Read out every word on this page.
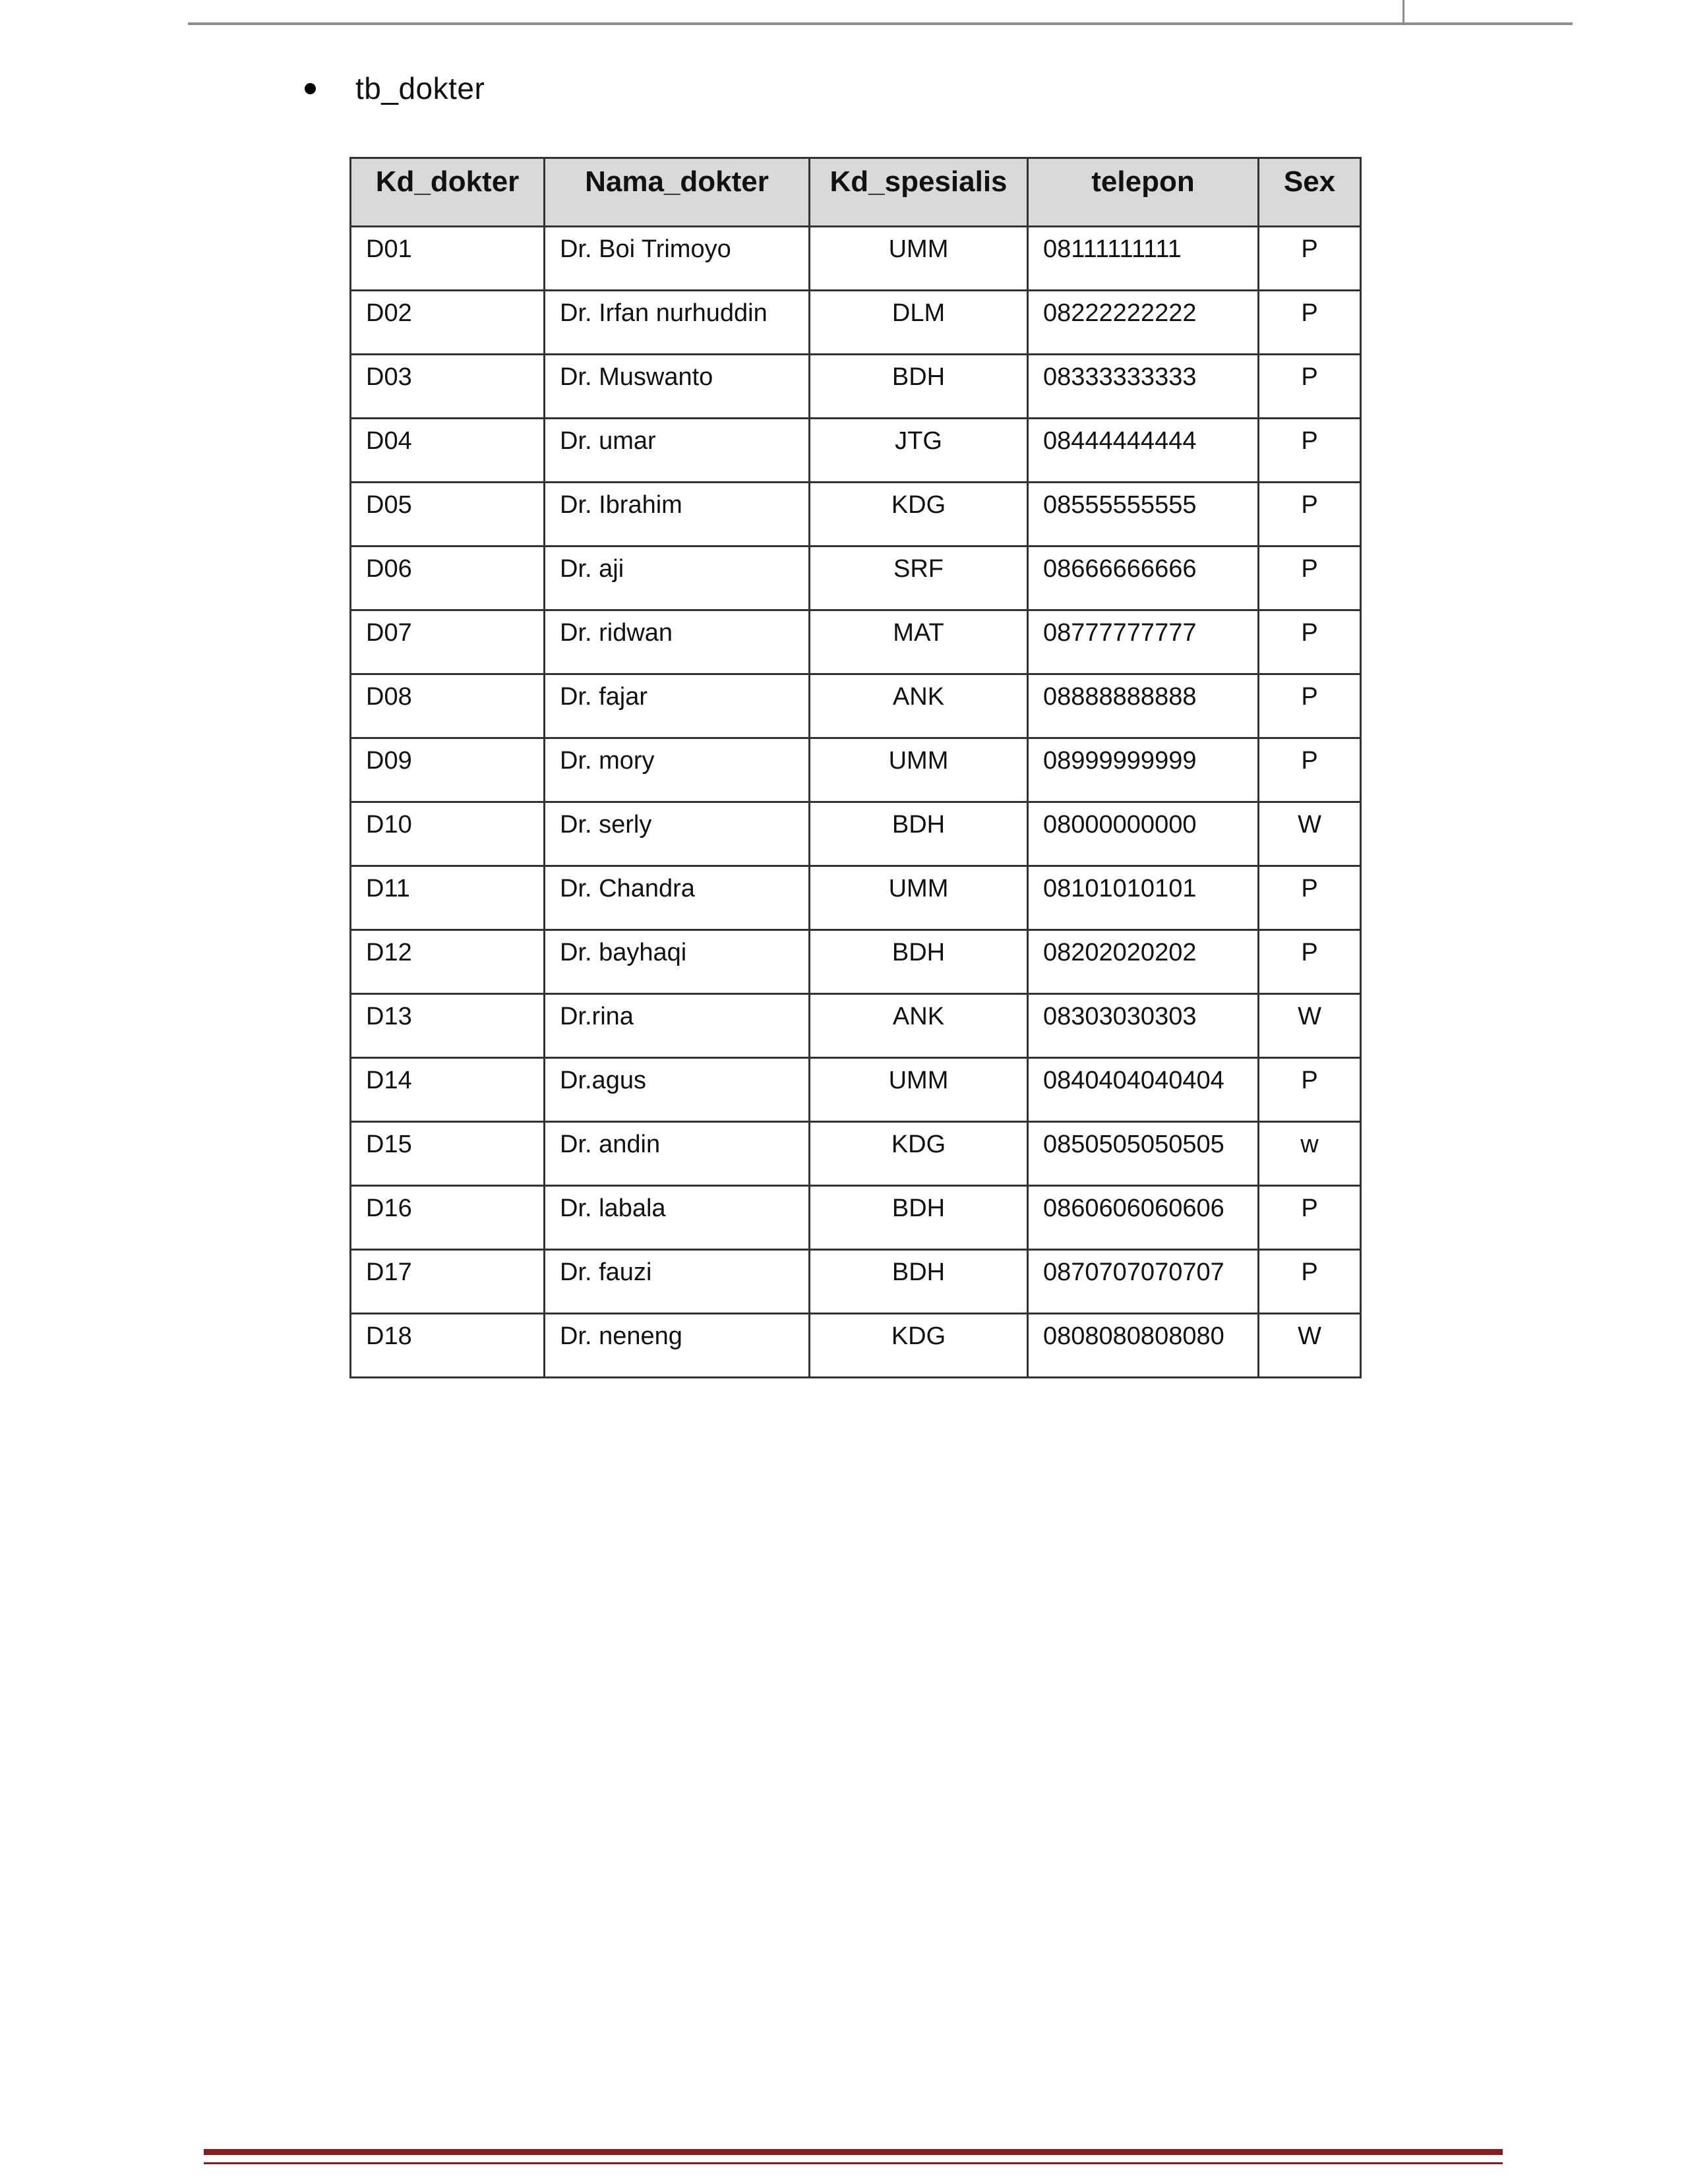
tb_dokter
Kd_dokter	Nama_dokter	Kd_spesialis	telepon	Sex
D01	Dr. Boi Trimoyo	UMM	08111111111	P
D02	Dr. Irfan nurhuddin	DLM	08222222222	P
D03	Dr. Muswanto	BDH	08333333333	P
D04	Dr. umar	JTG	08444444444	P
D05	Dr. Ibrahim	KDG	08555555555	P
D06	Dr. aji	SRF	08666666666	P
D07	Dr. ridwan	MAT	08777777777	P
D08	Dr. fajar	ANK	08888888888	P
D09	Dr. mory	UMM	08999999999	P
D10	Dr. serly	BDH	08000000000	W
D11	Dr. Chandra	UMM	08101010101	P
D12	Dr. bayhaqi	BDH	08202020202	P
D13	Dr.rina	ANK	08303030303	W
D14	Dr.agus	UMM	0840404040404	P
D15	Dr. andin	KDG	0850505050505	w
D16	Dr. labala	BDH	0860606060606	P
D17	Dr. fauzi	BDH	0870707070707	P
D18	Dr. neneng	KDG	0808080808080	W
